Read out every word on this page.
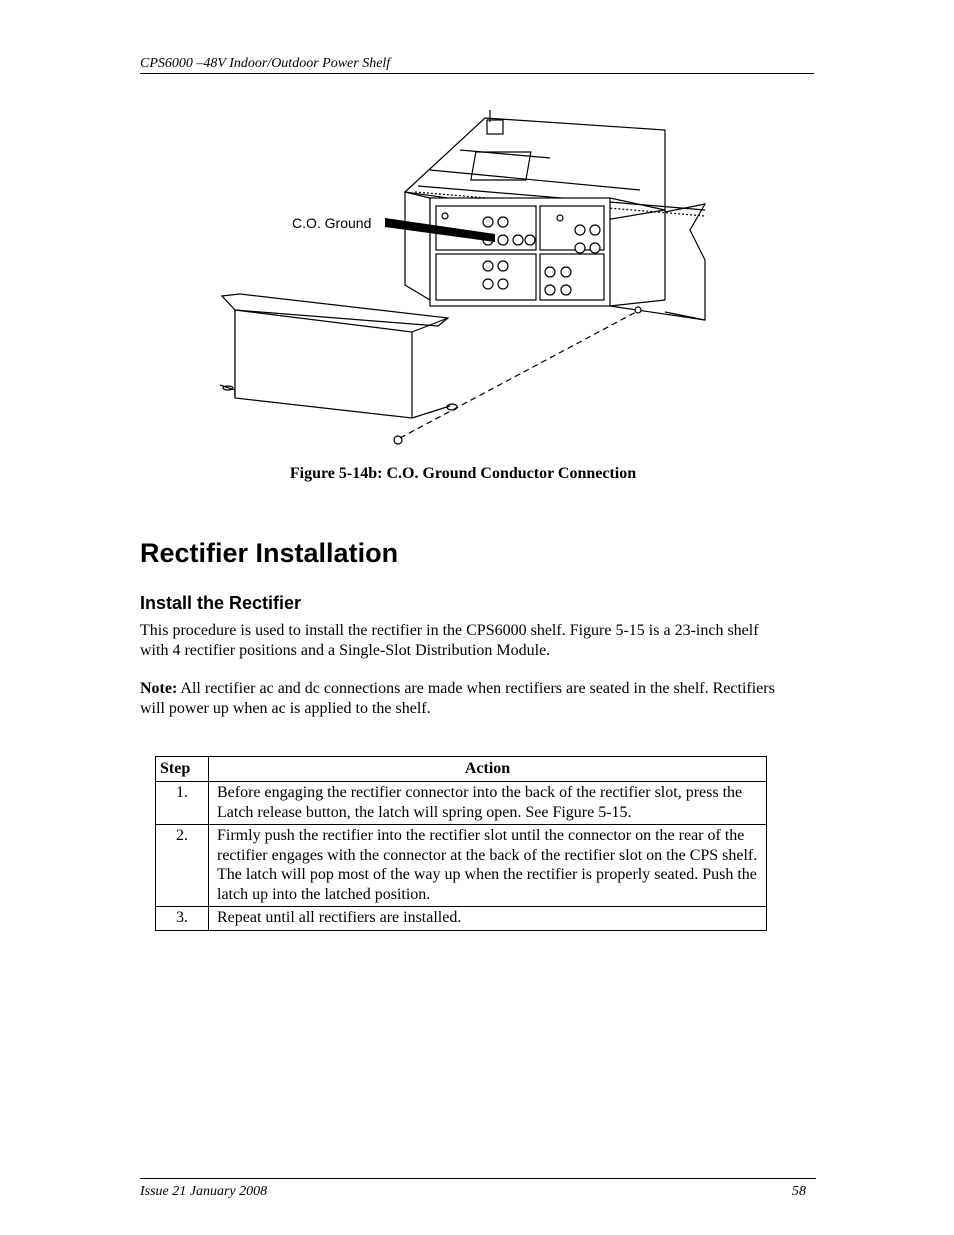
CPS6000 –48V Indoor/Outdoor Power Shelf
C.O. Ground
Figure 5-14b: C.O. Ground Conductor Connection
Rectifier Installation
Install the Rectifier

This procedure is used to install the rectifier in the CPS6000 shelf. Figure 5-15 is a 23-inch shelf with 4 rectifier positions and a Single-Slot Distribution Module.

Note: All rectifier ac and dc connections are made when rectifiers are seated in the shelf. Rectifiers will power up when ac is applied to the shelf.

Step	Action
1.	Before engaging the rectifier connector into the back of the rectifier slot, press the Latch release button, the latch will spring open. See Figure 5-15.
2.	Firmly push the rectifier into the rectifier slot until the connector on the rear of the rectifier engages with the connector at the back of the rectifier slot on the CPS shelf. The latch will pop most of the way up when the rectifier is properly seated. Push the latch up into the latched position.
3.	Repeat until all rectifiers are installed.
Issue 21 January 2008	58
